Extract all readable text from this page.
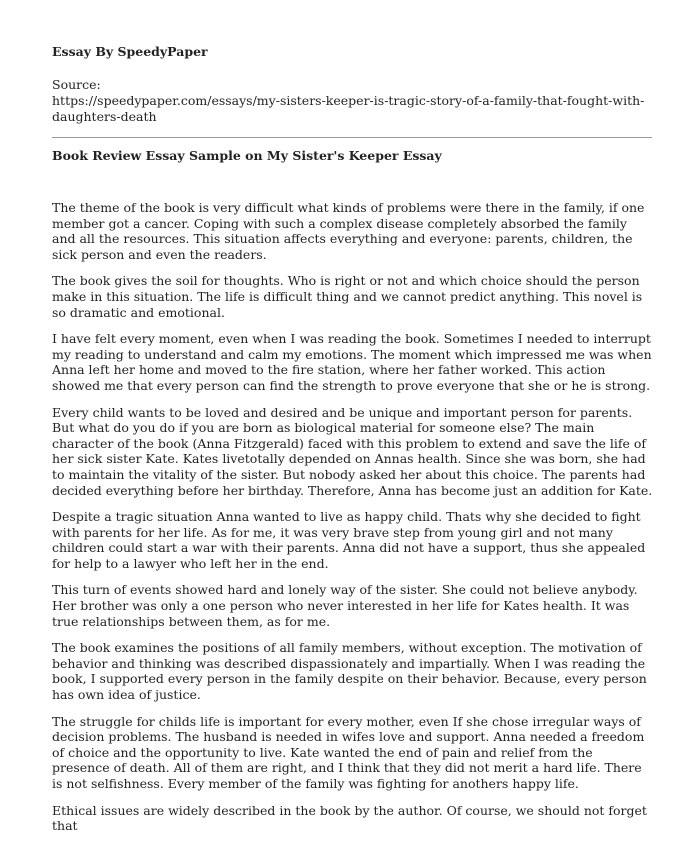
Essay By SpeedyPaper
Source:
https://speedypaper.com/essays/my-sisters-keeper-is-tragic-story-of-a-family-that-fought-with-daughters-death
Book Review Essay Sample on My Sister's Keeper Essay

The theme of the book is very difficult what kinds of problems were there in the family, if one member got a cancer. Coping with such a complex disease completely absorbed the family and all the resources. This situation affects everything and everyone: parents, children, the sick person and even the readers.

The book gives the soil for thoughts. Who is right or not and which choice should the person make in this situation. The life is difficult thing and we cannot predict anything. This novel is so dramatic and emotional.

I have felt every moment, even when I was reading the book. Sometimes I needed to interrupt my reading to understand and calm my emotions. The moment which impressed me was when Anna left her home and moved to the fire station, where her father worked. This action showed me that every person can find the strength to prove everyone that she or he is strong.

Every child wants to be loved and desired and be unique and important person for parents. But what do you do if you are born as biological material for someone else? The main character of the book (Anna Fitzgerald) faced with this problem to extend and save the life of her sick sister Kate. Kates livetotally depended on Annas health. Since she was born, she had to maintain the vitality of the sister. But nobody asked her about this choice. The parents had decided everything before her birthday. Therefore, Anna has become just an addition for Kate.

Despite a tragic situation Anna wanted to live as happy child. Thats why she decided to fight with parents for her life. As for me, it was very brave step from young girl and not many children could start a war with their parents. Anna did not have a support, thus she appealed for help to a lawyer who left her in the end.

This turn of events showed hard and lonely way of the sister. She could not believe anybody. Her brother was only a one person who never interested in her life for Kates health. It was true relationships between them, as for me.

The book examines the positions of all family members, without exception. The motivation of behavior and thinking was described dispassionately and impartially. When I was reading the book, I supported every person in the family despite on their behavior. Because, every person has own idea of justice.

The struggle for childs life is important for every mother, even If she chose irregular ways of decision problems. The husband is needed in wifes love and support. Anna needed a freedom of choice and the opportunity to live. Kate wanted the end of pain and relief from the presence of death. All of them are right, and I think that they did not merit a hard life. There is not selfishness. Every member of the family was fighting for anothers happy life.

Ethical issues are widely described in the book by the author. Of course, we should not forget that
